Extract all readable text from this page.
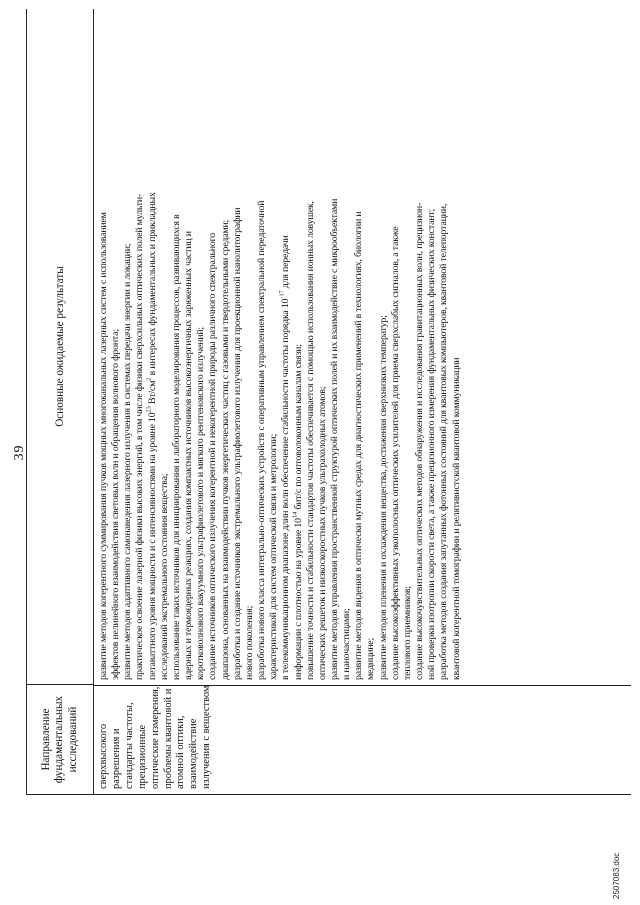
39
Направление фундаментальных исследований
Основные ожидаемые результаты
сверхвысокого разрешения и стандарты частоты, прецизионные оптические измерения, проблемы квантовой и атомной оптики, взаимодействие излучения с веществом
развитие методов когерентного суммирования пучков мощных многоканальных лазерных систем с использованием эффектов нелинейного взаимодействия световых волн и обращения волнового фронта; развитие методов адаптивного самонаведения лазерного излучения в системах передачи энергии и локации; практическое освоение лазерной физики высоких энергий, в том числе физики сверхсильных оптических полей мульти- петаваттного уровня мощности и с интенсивностями на уровне $10^{23}$ $Вт/см^2$ в интересах фундаментальных и прикладных
исследований экстремального состояния вещества; использование таких источников для инициирования и лабораторного моделирования процессов, развивающихся в ядерных и термоядерных реакциях, создания компактных источников высокоэнергичных заряженных частиц и коротковолнового вакуумного ультрафиолетового и мягкого рентгеновского излучений; создание источников оптического излучения когерентной и некогерентной природы различного спектрального диапазона, основанных на взаимодействии пучков энергетических частиц с газовыми и твердотельными средами; разработка и создание источников экстремального ультрафиолетового излучения для проекционной нанолитографии нового поколения; разработка нового класса интегрально-оптических устройств с оперативным управлением спектральной передаточной характеристикой для систем оптической связи и метрологии; в телекоммуникационном диапазоне длин волн обеспечение стабильности частоты порядка $10^{-17}$ для передачи
информации с плотностью на уровне $10^{14}$ бит/с по оптоволоконным каналам связи; повышение точности и стабильности стандартов частоты обеспечивается с помощью использования ионных ловушек, оптических решеток и низкоскоростных пучков ультрахолодных атомов; развитие методов управления пространственной структурой оптических полей и их взаимодействие с микрообъектами и наночастицами; развитие методов видения в оптически мутных средах для диагностических применений в технологиях, биологии и медицине; развитие методов пленения и охлаждения вещества, достижения сверхнизких температур; создание высокоэффективных узкополосных оптических усилителей для приема сверхслабых сигналов, а также теплового приемников; создание высокочувствительных оптических методов обнаружения и исследования гравитационных волн, прецизион- ной проверки изотропии скорости света, а также прецизионного измерения фундаментальных физических констант; разработка методов создания запутанных фотонных состояний для квантовых компьютеров, квантовой телепортации, квантовой когерентной томографии и релятивистской квантовой коммуникации
2507083.doc
